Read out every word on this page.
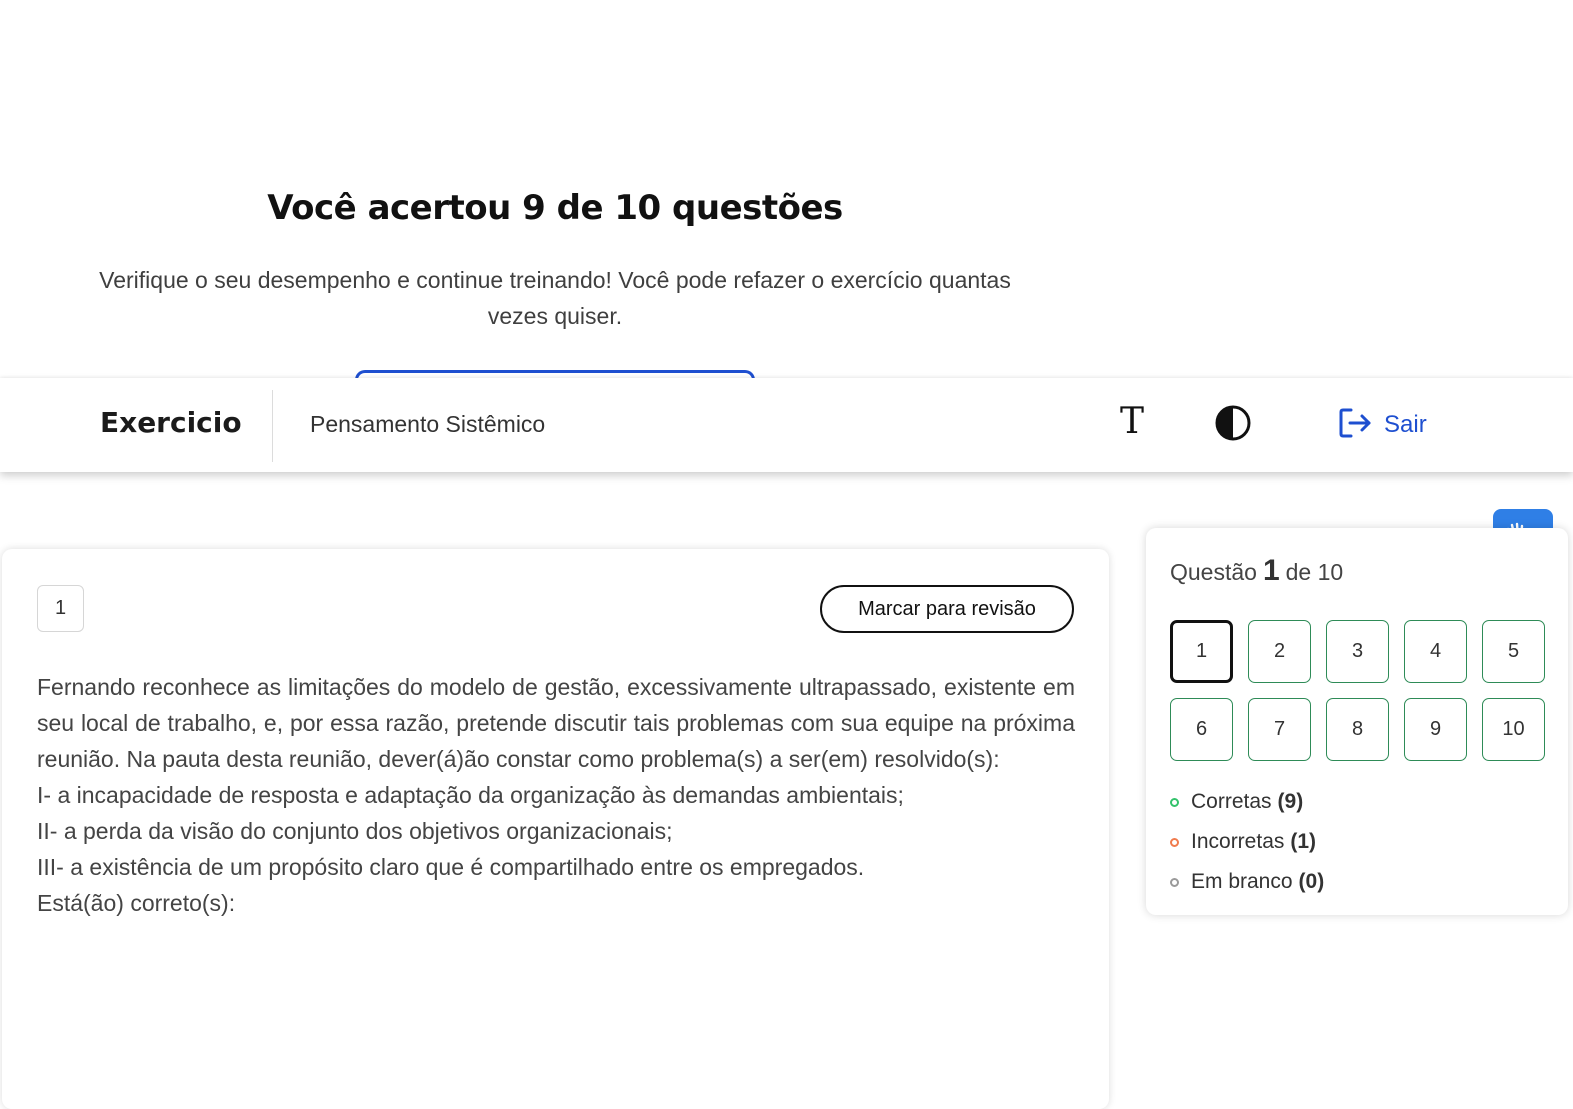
Você acertou 9 de 10 questões
Verifique o seu desempenho e continue treinando! Você pode refazer o exercício quantas
vezes quiser.
Exercicio	Pensamento Sistêmico	T	Sair
1	Marcar para revisão

Fernando reconhece as limitações do modelo de gestão, excessivamente ultrapassado, existente em seu local de trabalho, e, por essa razão, pretende discutir tais problemas com sua equipe na próxima reunião. Na pauta desta reunião, dever(á)ão constar como problema(s) a ser(em) resolvido(s):

I- a incapacidade de resposta e adaptação da organização às demandas ambientais;

II- a perda da visão do conjunto dos objetivos organizacionais;

III- a existência de um propósito claro que é compartilhado entre os empregados.

Está(ão) correto(s):

Questão 1 de 10
1	2	3	4	5
6	7	8	9	10
Corretas (9)
Incorretas (1)
Em branco (0)
